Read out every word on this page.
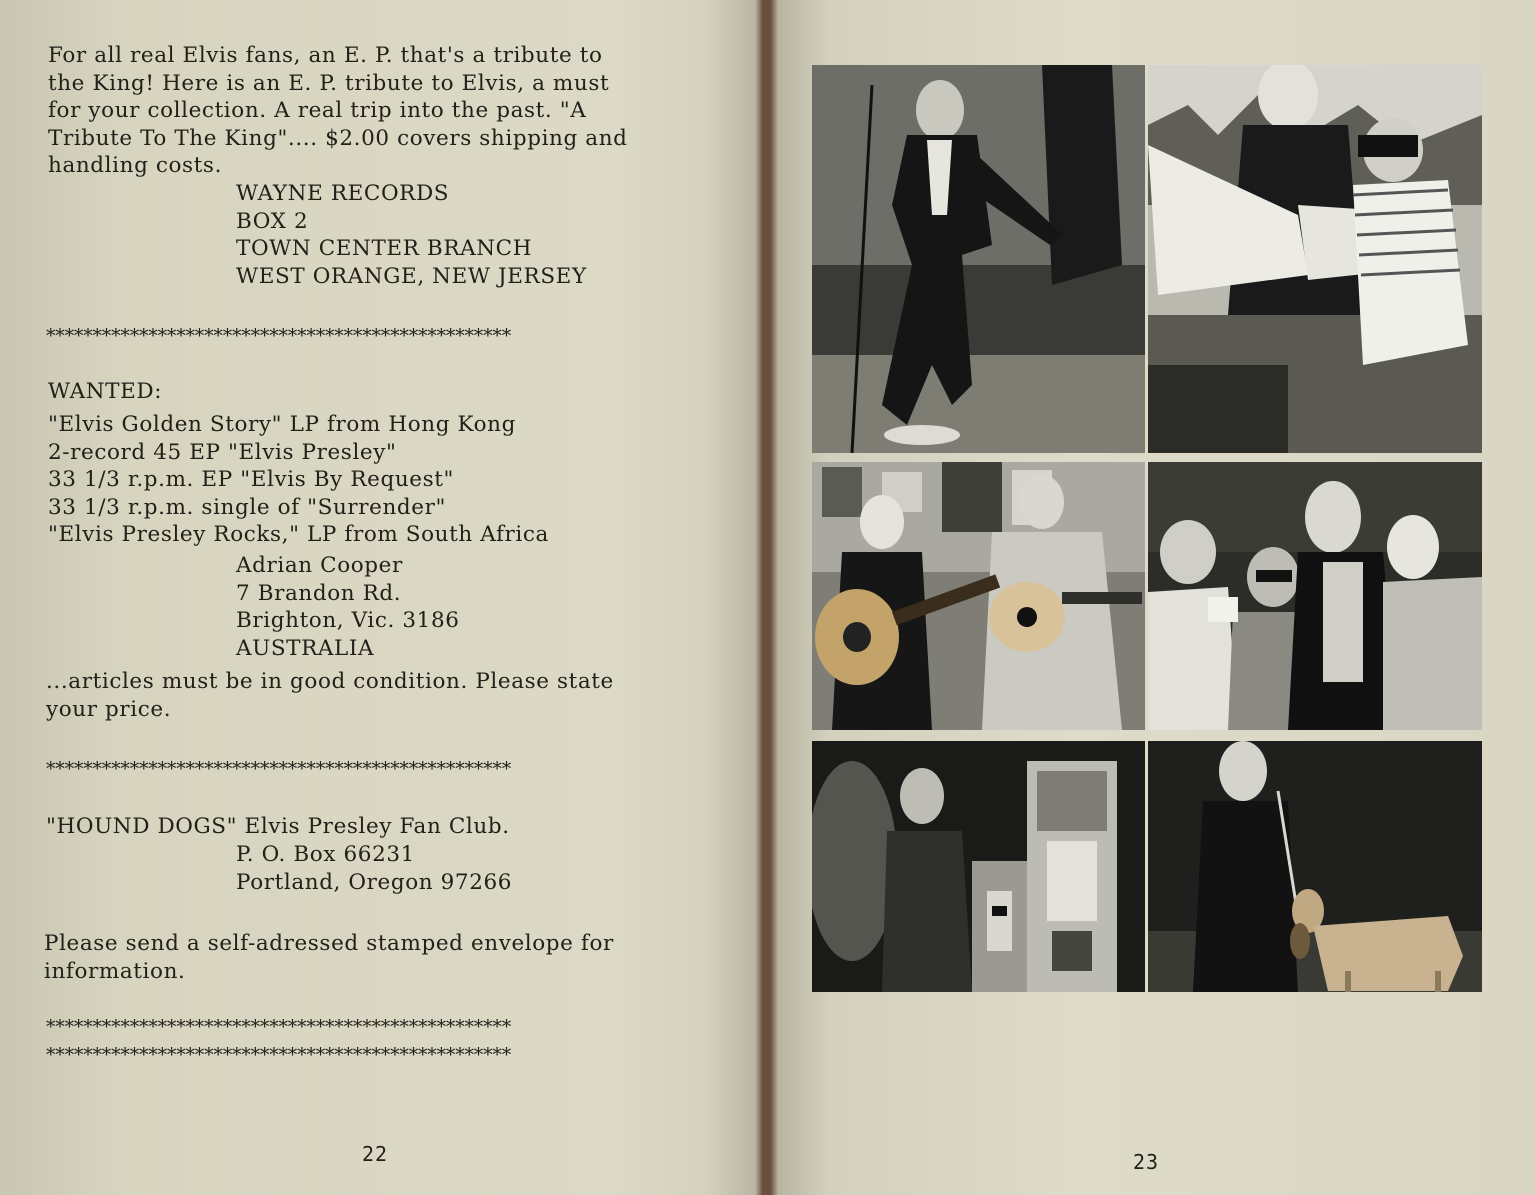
For all real Elvis fans, an E. P. that's a tribute to
the King! Here is an E. P. tribute to Elvis, a must
for your collection. A real trip into the past. "A
Tribute To The King".... $2.00 covers shipping and
handling costs.
WAYNE RECORDS
BOX 2
TOWN CENTER BRANCH
WEST ORANGE, NEW JERSEY
**************************************************
WANTED:
"Elvis Golden Story" LP from Hong Kong
2-record 45 EP "Elvis Presley"
33 1/3 r.p.m. EP "Elvis By Request"
33 1/3 r.p.m. single of "Surrender"
"Elvis Presley Rocks," LP from South Africa
Adrian Cooper
7 Brandon Rd.
Brighton, Vic. 3186
AUSTRALIA
...articles must be in good condition. Please state
your price.
**************************************************
"HOUND DOGS" Elvis Presley Fan Club.
P. O. Box 66231
Portland, Oregon 97266
Please send a self-adressed stamped envelope for
information.
**************************************************
**************************************************
22	23
